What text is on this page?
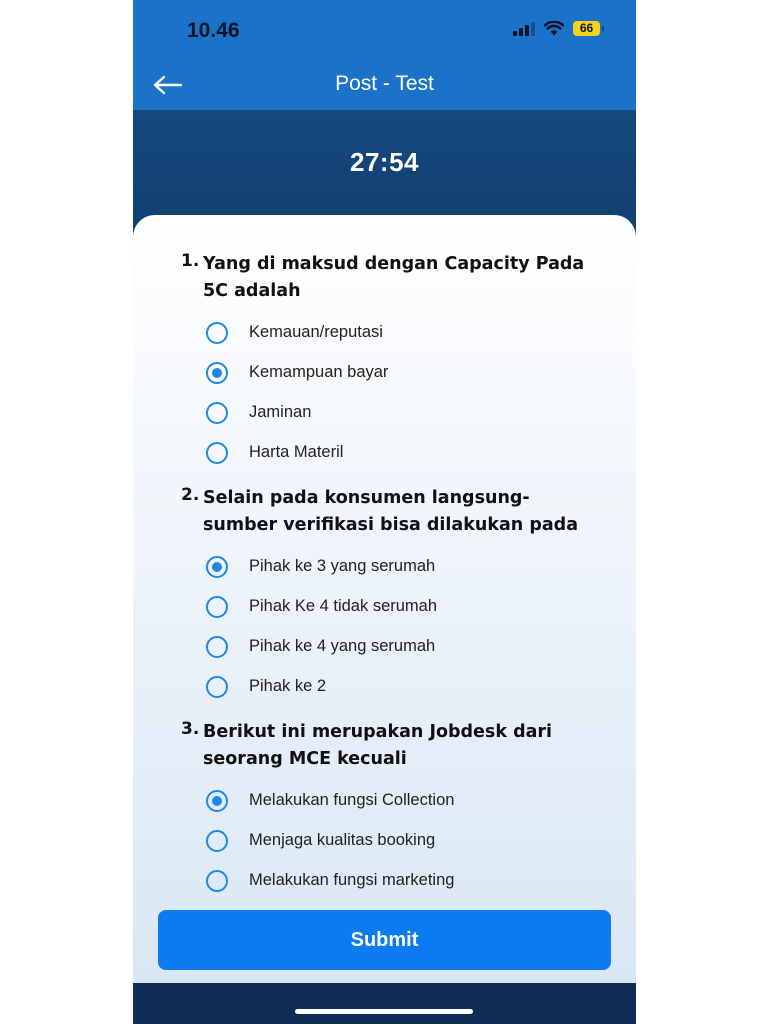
10.46	66
Post - Test
27:54
1. Yang di maksud dengan Capacity Pada 5C adalah
Kemauan/reputasi
Kemampuan bayar
Jaminan
Harta Materil
2. Selain pada konsumen langsung-sumber verifikasi bisa dilakukan pada
Pihak ke 3 yang serumah
Pihak Ke 4 tidak serumah
Pihak ke 4 yang serumah
Pihak ke 2
3. Berikut ini merupakan Jobdesk dari seorang MCE kecuali
Melakukan fungsi Collection
Menjaga kualitas booking
Melakukan fungsi marketing
Submit
